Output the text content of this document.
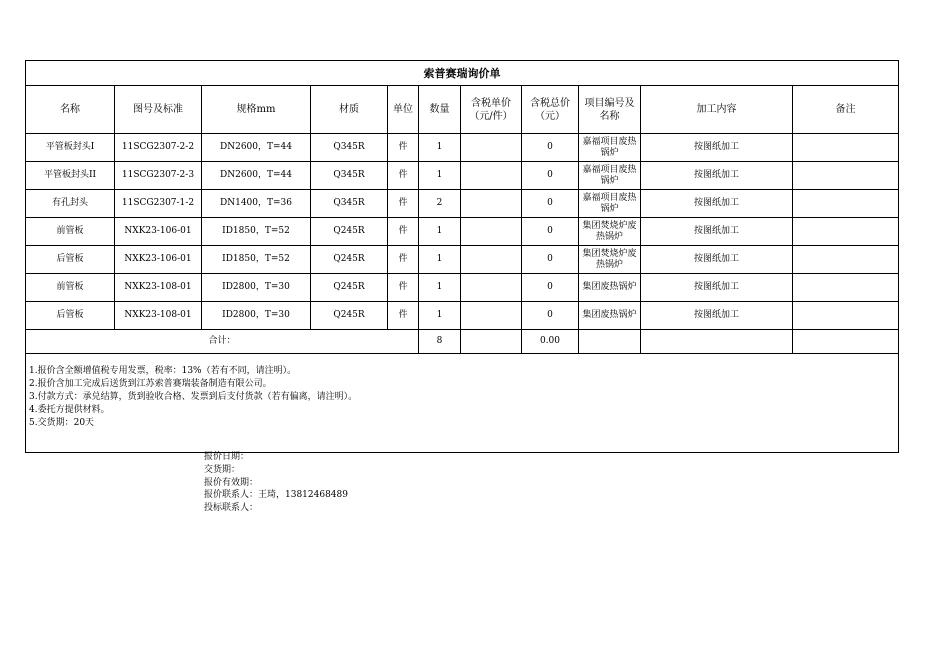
索普赛瑞询价单										
名称	图号及标准	规格mm	材质	单位	数量	含税单价（元/件）	含税总价（元）	项目编号及名称	加工内容	备注
平管板封头I	11SCG2307-2-2	DN2600，T=44	Q345R	件	1		0	嘉福项目废热锅炉	按图纸加工	
平管板封头II	11SCG2307-2-3	DN2600，T=44	Q345R	件	1		0	嘉福项目废热锅炉	按图纸加工	
有孔封头	11SCG2307-1-2	DN1400，T=36	Q345R	件	2		0	嘉福项目废热锅炉	按图纸加工	
前管板	NXK23-106-01	ID1850，T=52	Q245R	件	1		0	集团焚烧炉废热锅炉	按图纸加工	
后管板	NXK23-106-01	ID1850，T=52	Q245R	件	1		0	集团焚烧炉废热锅炉	按图纸加工	
前管板	NXK23-108-01	ID2800，T=30	Q245R	件	1		0	集团废热锅炉	按图纸加工	
后管板	NXK23-108-01	ID2800，T=30	Q245R	件	1		0	集团废热锅炉	按图纸加工	
合计：					8		0.00			

1.报价含全额增值税专用发票，税率：13%（若有不同，请注明）。
2.报价含加工完成后送货到江苏索普赛瑞装备制造有限公司。
3.付款方式：承兑结算，货到验收合格、发票到后支付货款（若有偏离，请注明）。
4.委托方提供材料。
5.交货期：20天										
报价日期：
交货期：
报价有效期：
报价联系人：王琦，13812468489
投标联系人：
